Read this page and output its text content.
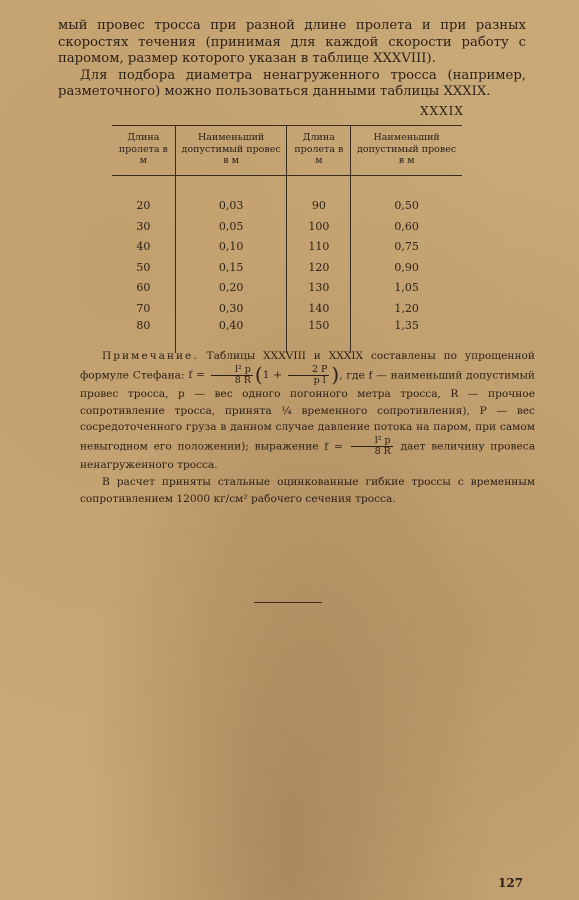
мый провес тросса при разной длине пролета и при разных скоростях течения (принимая для каждой скорости работу с паромом, размер которого указан в таблице XXXVIII).

Для подбора диаметра ненагруженного тросса (например, разметочного) можно пользоваться данными таблицы XXXIX.

XXXIX
Длина пролета в м	Наименьший допустимый провес в м	Длина пролета в м	Наименьший допустимый провес в м

20	0,03	90	0,50
30	0,05	100	0,60
40	0,10	110	0,75
50	0,15	120	0,90
60	0,20	130	1,05
70	0,30	140	1,20
80	0,40	150	1,35

Примечание. Таблицы XXXVIII и XXXIX составлены по упрощенной формуле Стефана: $f = \frac{\text{l² p}}{8 R} (1 + \frac{2 P}{\text{p l}}$ ), где f — наименьший допустимый провес тросса, p — вес одного погонного метра тросса, R — прочное сопротивление тросса, принята ¼ временного сопротивления), P — вес сосредоточенного груза в данном случае давление потока на паром, при самом невыгодном его положении); выражение $f = \frac{\text{l² p}}{8 R}$ дает величину провеса ненагруженного тросса.

В расчет приняты стальные оцинкованные гибкие троссы с временным сопротивлением 12000 кг/см² рабочего сечения тросса.

127
